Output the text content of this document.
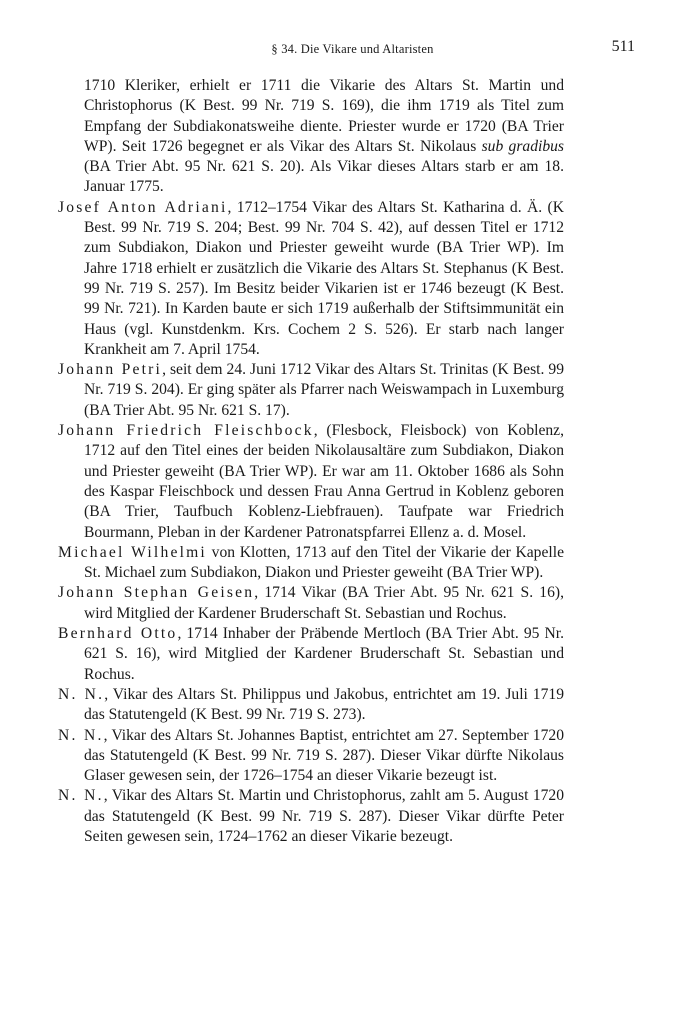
§ 34. Die Vikare und Altaristen	511

1710 Kleriker, erhielt er 1711 die Vikarie des Altars St. Martin und Christophorus (K Best. 99 Nr. 719 S. 169), die ihm 1719 als Titel zum Empfang der Subdiakonatsweihe diente. Priester wurde er 1720 (BA Trier WP). Seit 1726 begegnet er als Vikar des Altars St. Nikolaus sub gradibus (BA Trier Abt. 95 Nr. 621 S. 20). Als Vikar dieses Altars starb er am 18. Januar 1775.

Josef Anton Adriani, 1712–1754 Vikar des Altars St. Katharina d. Ä. (K Best. 99 Nr. 719 S. 204; Best. 99 Nr. 704 S. 42), auf dessen Titel er 1712 zum Subdiakon, Diakon und Priester geweiht wurde (BA Trier WP). Im Jahre 1718 erhielt er zusätzlich die Vikarie des Altars St. Stephanus (K Best. 99 Nr. 719 S. 257). Im Besitz beider Vikarien ist er 1746 bezeugt (K Best. 99 Nr. 721). In Karden baute er sich 1719 außerhalb der Stiftsimmunität ein Haus (vgl. Kunstdenkm. Krs. Cochem 2 S. 526). Er starb nach langer Krankheit am 7. April 1754.

Johann Petri, seit dem 24. Juni 1712 Vikar des Altars St. Trinitas (K Best. 99 Nr. 719 S. 204). Er ging später als Pfarrer nach Weiswampach in Luxemburg (BA Trier Abt. 95 Nr. 621 S. 17).

Johann Friedrich Fleischbock, (Flesbock, Fleisbock) von Koblenz, 1712 auf den Titel eines der beiden Nikolausaltäre zum Subdiakon, Diakon und Priester geweiht (BA Trier WP). Er war am 11. Oktober 1686 als Sohn des Kaspar Fleischbock und dessen Frau Anna Gertrud in Koblenz geboren (BA Trier, Taufbuch Koblenz-Liebfrauen). Taufpate war Friedrich Bourmann, Pleban in der Kardener Patronatspfarrei Ellenz a. d. Mosel.

Michael Wilhelmi von Klotten, 1713 auf den Titel der Vikarie der Kapelle St. Michael zum Subdiakon, Diakon und Priester geweiht (BA Trier WP).

Johann Stephan Geisen, 1714 Vikar (BA Trier Abt. 95 Nr. 621 S. 16), wird Mitglied der Kardener Bruderschaft St. Sebastian und Rochus.

Bernhard Otto, 1714 Inhaber der Präbende Mertloch (BA Trier Abt. 95 Nr. 621 S. 16), wird Mitglied der Kardener Bruderschaft St. Sebastian und Rochus.

N. N., Vikar des Altars St. Philippus und Jakobus, entrichtet am 19. Juli 1719 das Statutengeld (K Best. 99 Nr. 719 S. 273).

N. N., Vikar des Altars St. Johannes Baptist, entrichtet am 27. September 1720 das Statutengeld (K Best. 99 Nr. 719 S. 287). Dieser Vikar dürfte Nikolaus Glaser gewesen sein, der 1726–1754 an dieser Vikarie bezeugt ist.

N. N., Vikar des Altars St. Martin und Christophorus, zahlt am 5. August 1720 das Statutengeld (K Best. 99 Nr. 719 S. 287). Dieser Vikar dürfte Peter Seiten gewesen sein, 1724–1762 an dieser Vikarie bezeugt.
